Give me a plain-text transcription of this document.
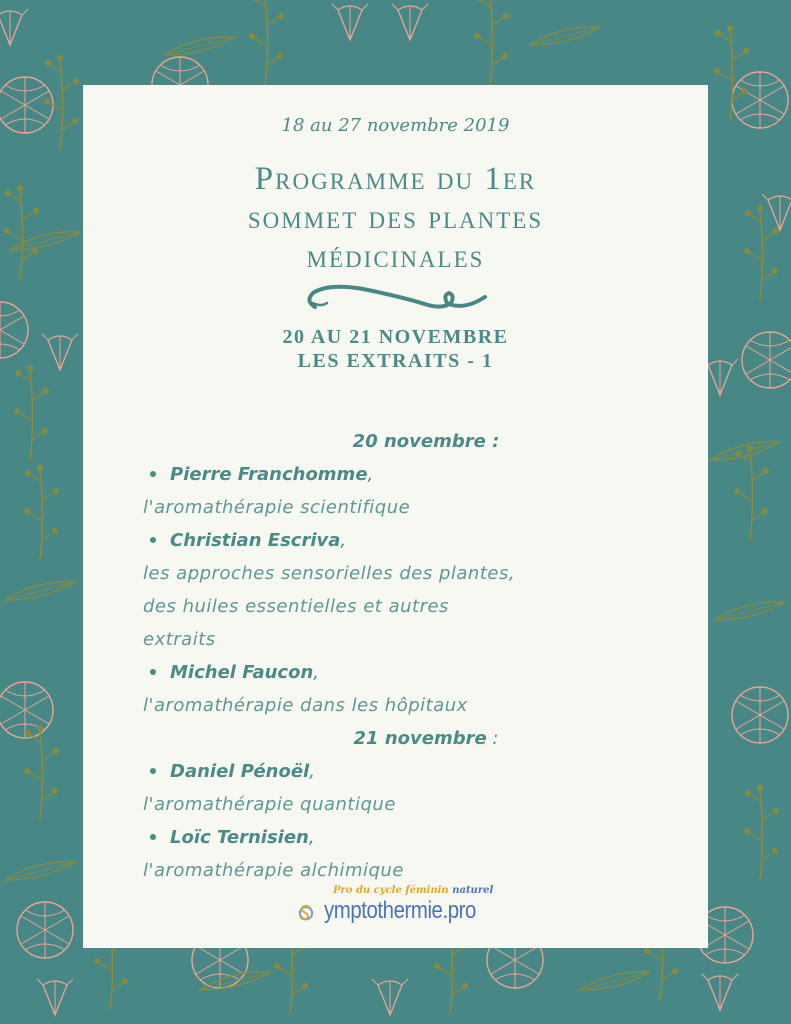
18 au 27 novembre 2019
Programme du 1er
sommet des plantes
médicinales
20 AU 21 NOVEMBRE
LES EXTRAITS - 1
20 novembre :
Pierre Franchomme,
l'aromathérapie scientifique
Christian Escriva,
les approches sensorielles des plantes,
des huiles essentielles et autres
extraits
Michel Faucon,
l'aromathérapie dans les hôpitaux
21 novembre :
Daniel Pénoël,
l'aromathérapie quantique
Loïc Ternisien,
l'aromathérapie alchimique
Pro du cycle féminin naturel
ymptothermie.pro
